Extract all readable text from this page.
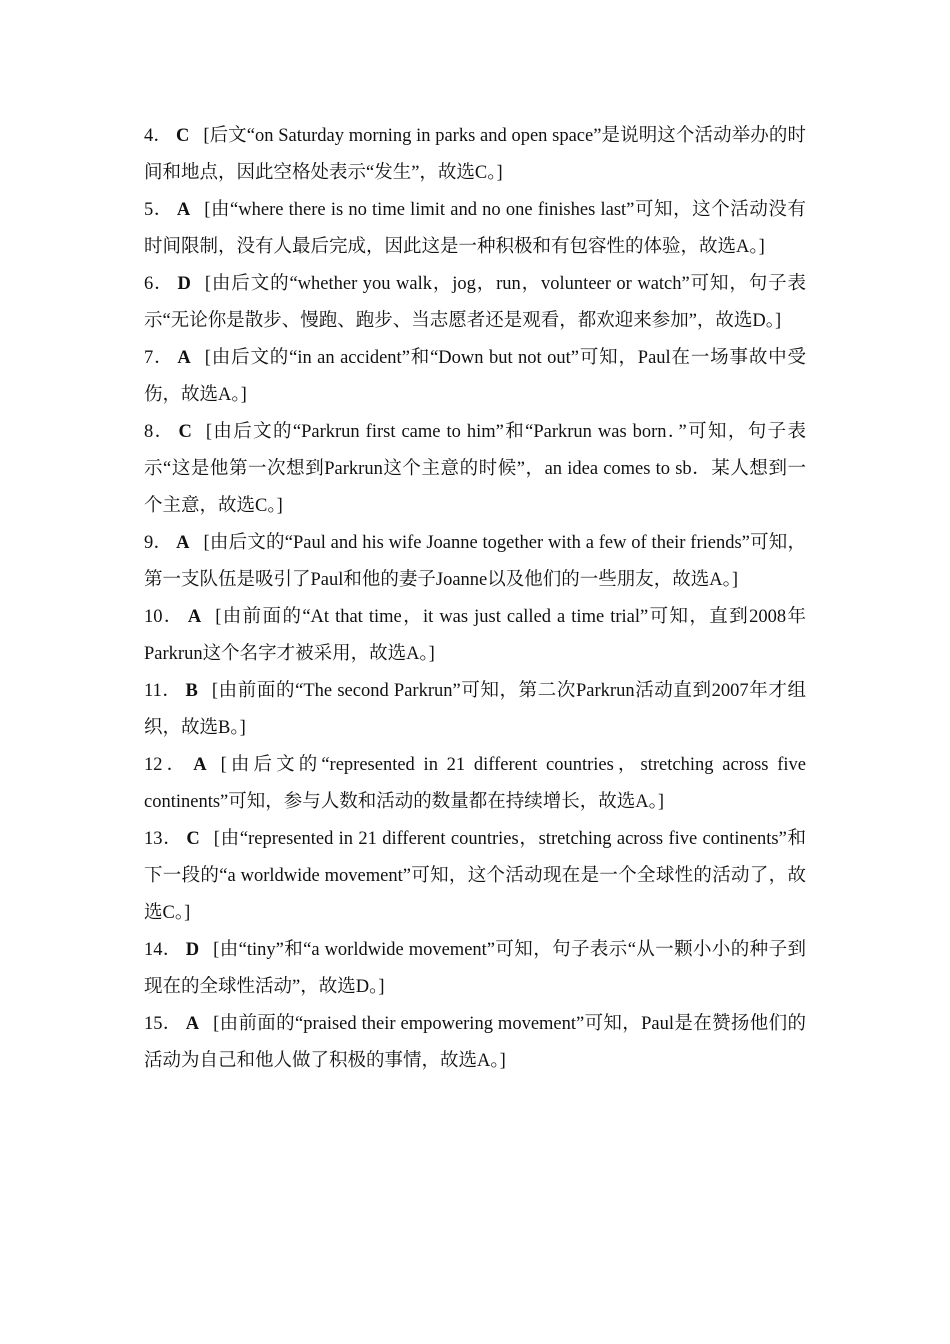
4． C [后文“on Saturday morning in parks and open space”是说明这个活动举办的时间和地点，因此空格处表示“发生”，故选C。]

5． A [由“where there is no time limit and no one finishes last”可知，这个活动没有时间限制，没有人最后完成，因此这是一种积极和有包容性的体验，故选A。]

6． D [由后文的“whether you walk，jog，run，volunteer or watch”可知，句子表示“无论你是散步、慢跑、跑步、当志愿者还是观看，都欢迎来参加”，故选D。]

7． A [由后文的“in an accident”和“Down but not out”可知，Paul在一场事故中受伤，故选A。]

8． C [由后文的“Parkrun first came to him”和“Parkrun was born．”可知，句子表示“这是他第一次想到Parkrun这个主意的时候”，an idea comes to sb．某人想到一个主意，故选C。]

9． A [由后文的“Paul and his wife Joanne together with a few of their friends”可知，第一支队伍是吸引了Paul和他的妻子Joanne以及他们的一些朋友，故选A。]

10． A [由前面的“At that time，it was just called a time trial”可知，直到2008年Parkrun这个名字才被采用，故选A。]

11． B [由前面的“The second Parkrun”可知，第二次Parkrun活动直到2007年才组织，故选B。]

12． A [由后文的“represented in 21 different countries，stretching across five continents”可知，参与人数和活动的数量都在持续增长，故选A。]

13． C [由“represented in 21 different countries，stretching across five continents”和下一段的“a worldwide movement”可知，这个活动现在是一个全球性的活动了，故选C。]

14． D [由“tiny”和“a worldwide movement”可知，句子表示“从一颗小小的种子到现在的全球性活动”，故选D。]

15． A [由前面的“praised their empowering movement”可知，Paul是在赞扬他们的活动为自己和他人做了积极的事情，故选A。]
